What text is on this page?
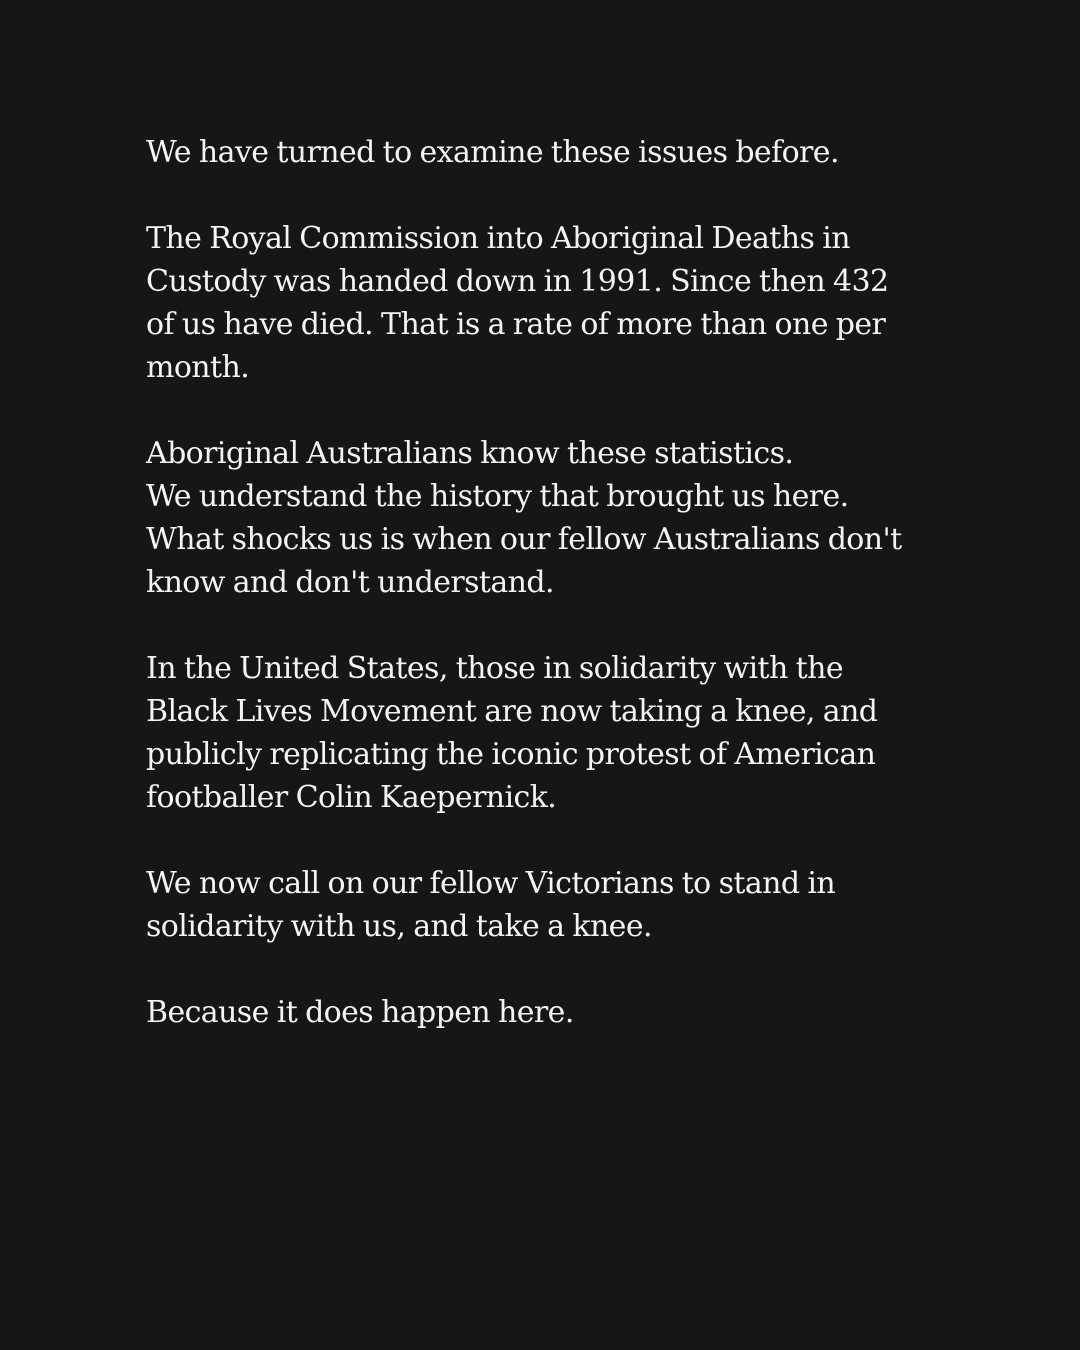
We have turned to examine these issues before.

The Royal Commission into Aboriginal Deaths in
Custody was handed down in 1991. Since then 432
of us have died. That is a rate of more than one per
month.

Aboriginal Australians know these statistics.
We understand the history that brought us here.
What shocks us is when our fellow Australians don't
know and don't understand.

In the United States, those in solidarity with the
Black Lives Movement are now taking a knee, and
publicly replicating the iconic protest of American
footballer Colin Kaepernick.

We now call on our fellow Victorians to stand in
solidarity with us, and take a knee.

Because it does happen here.
